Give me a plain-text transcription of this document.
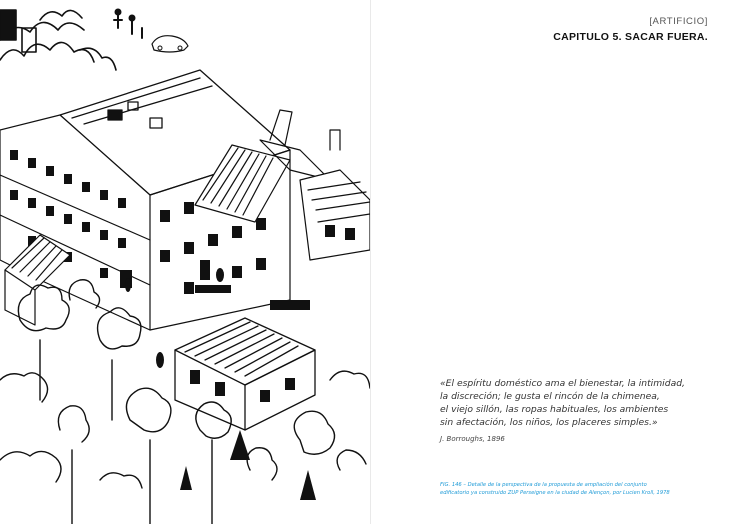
[ARTIFICIO]
CAPITULO 5. SACAR FUERA.
«El espíritu doméstico ama el bienestar, la intimidad,
la discreción; le gusta el rincón de la chimenea,
el viejo sillón, las ropas habituales, los ambientes
sin afectación, los niños, los placeres simples.»
J. Borroughs, 1896
FIG. 146 – Detalle de la perspectiva de la propuesta de ampliación del conjunto
edificatorio ya construido ZUP Perseigne en la ciudad de Alençon, por Lucien Kroll, 1978
